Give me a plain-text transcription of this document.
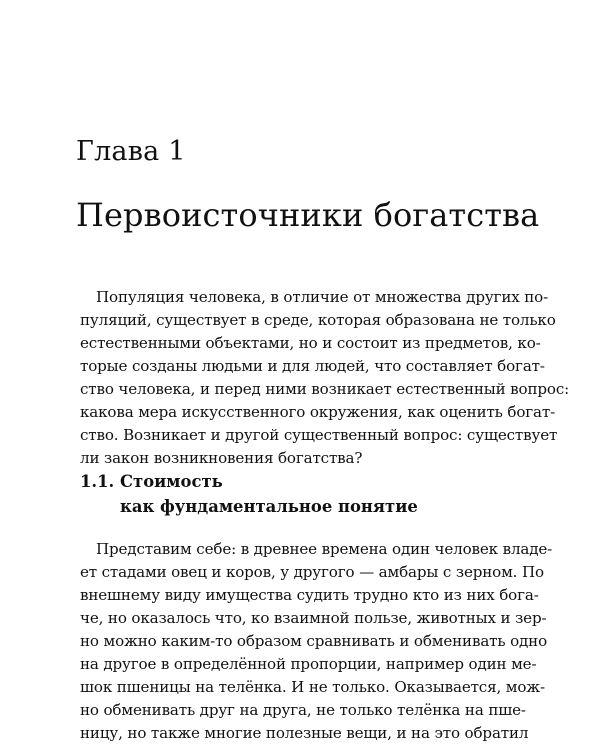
Глава 1
Первоисточники богатства
Популяция человека, в отличие от множества других по-
пуляций, существует в среде, которая образована не только
естественными объектами, но и состоит из предметов, ко-
торые созданы людьми и для людей, что составляет богат-
ство человека, и перед ними возникает естественный вопрос:
какова мера искусственного окружения, как оценить богат-
ство. Возникает и другой существенный вопрос: существует
ли закон возникновения богатства?
1.1. Стоимость
как фундаментальное понятие
Представим себе: в древнее времена один человек владе-
ет стадами овец и коров, у другого — амбары с зерном. По
внешнему виду имущества судить трудно кто из них бога-
че, но оказалось что, ко взаимной пользе, животных и зер-
но можно каким-то образом сравнивать и обменивать одно
на другое в определённой пропорции, например один ме-
шок пшеницы на телёнка. И не только. Оказывается, мож-
но обменивать друг на друга, не только телёнка на пше-
ницу, но также многие полезные вещи, и на это обратил
